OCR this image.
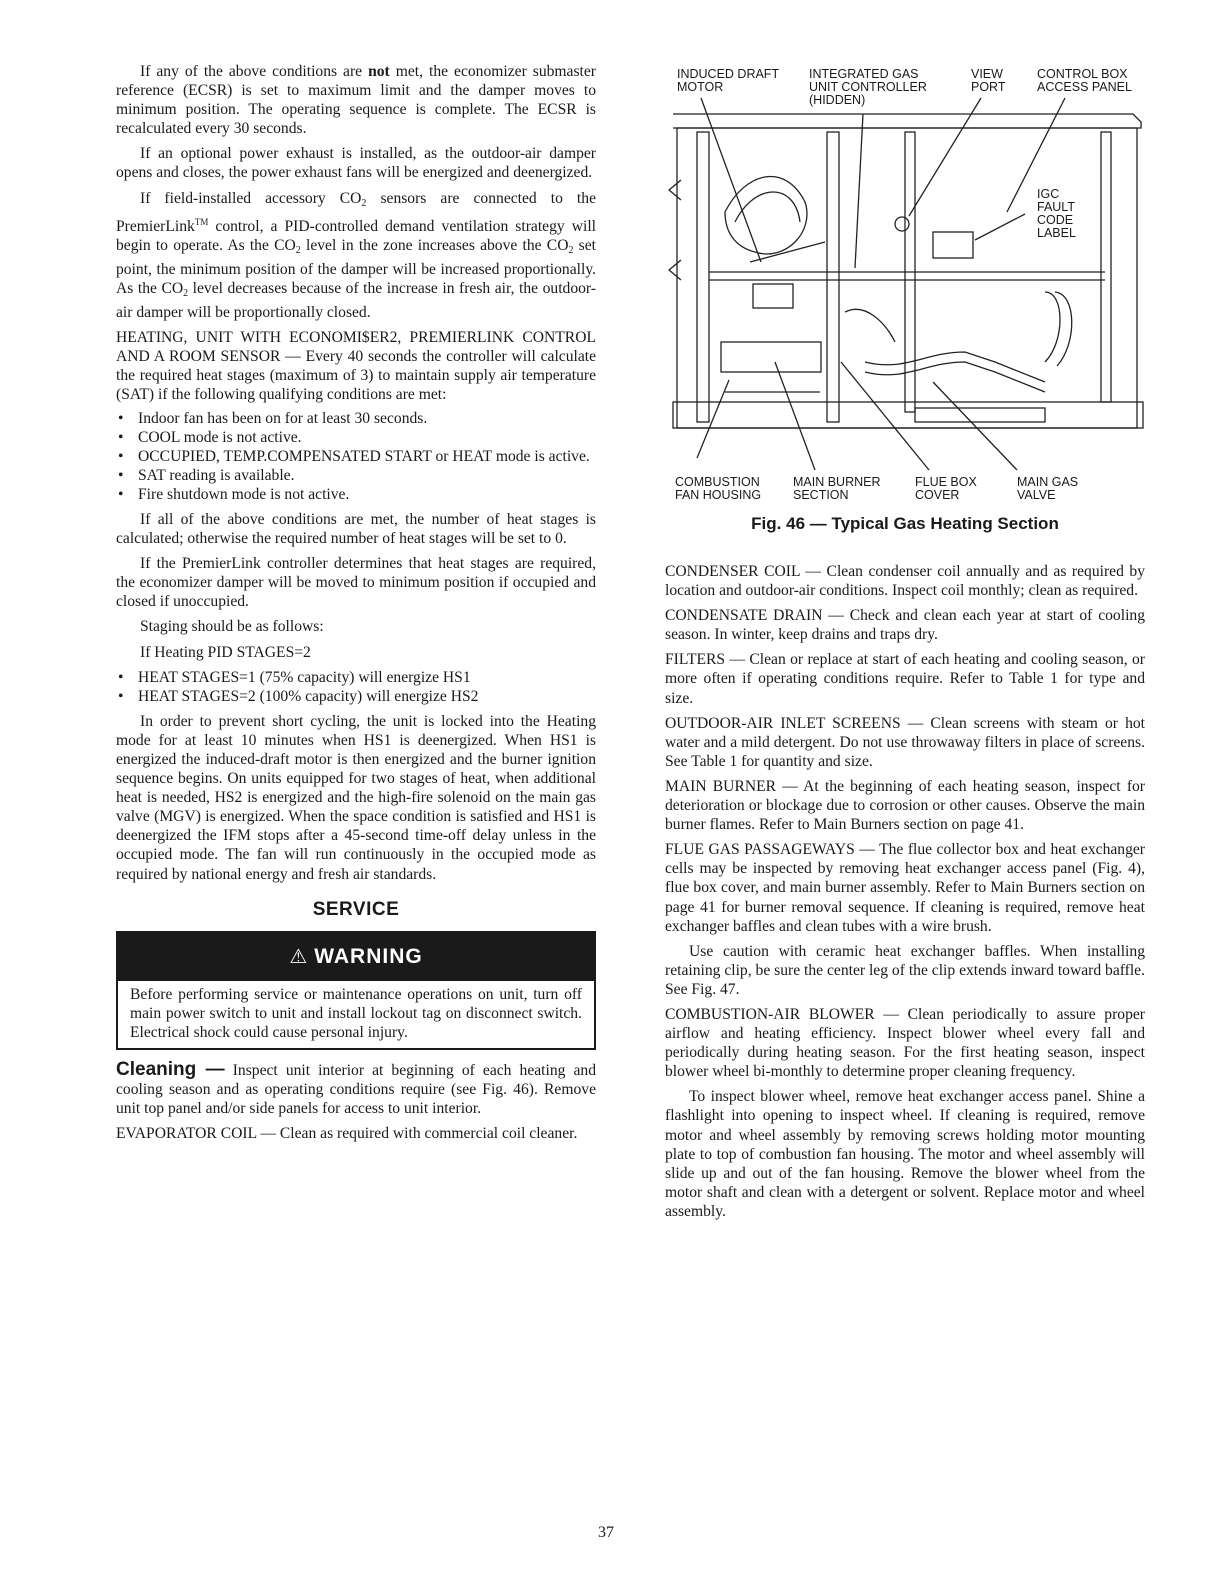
If any of the above conditions are not met, the economizer submaster reference (ECSR) is set to maximum limit and the damper moves to minimum position. The operating sequence is complete. The ECSR is recalculated every 30 seconds.

If an optional power exhaust is installed, as the outdoor-air damper opens and closes, the power exhaust fans will be energized and deenergized.

If field-installed accessory $CO_2$ sensors are connected to the PremierLink™ control, a PID-controlled demand ventilation strategy will begin to operate. As the $CO_2$ level in the zone increases above the $CO_2$ set point, the minimum position of the damper will be increased proportionally. As the $CO_2$ level decreases because of the increase in fresh air, the outdoor-air damper will be proportionally closed.

HEATING, UNIT WITH ECONOMI$ER2, PREMIERLINK CONTROL AND A ROOM SENSOR — Every 40 seconds the controller will calculate the required heat stages (maximum of 3) to maintain supply air temperature (SAT) if the following qualifying conditions are met:

• Indoor fan has been on for at least 30 seconds.
• COOL mode is not active.
• OCCUPIED, TEMP.COMPENSATED START or HEAT mode is active.
• SAT reading is available.
• Fire shutdown mode is not active.

If all of the above conditions are met, the number of heat stages is calculated; otherwise the required number of heat stages will be set to 0.

If the PremierLink controller determines that heat stages are required, the economizer damper will be moved to minimum position if occupied and closed if unoccupied.

Staging should be as follows:

If Heating PID STAGES=2

• HEAT STAGES=1 (75% capacity) will energize HS1
• HEAT STAGES=2 (100% capacity) will energize HS2

In order to prevent short cycling, the unit is locked into the Heating mode for at least 10 minutes when HS1 is deenergized. When HS1 is energized the induced-draft motor is then energized and the burner ignition sequence begins. On units equipped for two stages of heat, when additional heat is needed, HS2 is energized and the high-fire solenoid on the main gas valve (MGV) is energized. When the space condition is satisfied and HS1 is deenergized the IFM stops after a 45-second time-off delay unless in the occupied mode. The fan will run continuously in the occupied mode as required by national energy and fresh air standards.

SERVICE
⚠ WARNING
Before performing service or maintenance operations on unit, turn off main power switch to unit and install lockout tag on disconnect switch. Electrical shock could cause personal injury.

Cleaning — Inspect unit interior at beginning of each heating and cooling season and as operating conditions require (see Fig. 46). Remove unit top panel and/or side panels for access to unit interior.

EVAPORATOR COIL — Clean as required with commercial coil cleaner.

INDUCED DRAFT
MOTOR
INTEGRATED GAS
UNIT CONTROLLER
(HIDDEN)
VIEW
PORT
CONTROL BOX
ACCESS PANEL
IGC
FAULT
CODE
LABEL
COMBUSTION
FAN HOUSING
MAIN BURNER
SECTION
FLUE BOX
COVER
MAIN GAS
VALVE
Fig. 46 — Typical Gas Heating Section

CONDENSER COIL — Clean condenser coil annually and as required by location and outdoor-air conditions. Inspect coil monthly; clean as required.

CONDENSATE DRAIN — Check and clean each year at start of cooling season. In winter, keep drains and traps dry.

FILTERS — Clean or replace at start of each heating and cooling season, or more often if operating conditions require. Refer to Table 1 for type and size.

OUTDOOR-AIR INLET SCREENS — Clean screens with steam or hot water and a mild detergent. Do not use throwaway filters in place of screens. See Table 1 for quantity and size.

MAIN BURNER — At the beginning of each heating season, inspect for deterioration or blockage due to corrosion or other causes. Observe the main burner flames. Refer to Main Burners section on page 41.

FLUE GAS PASSAGEWAYS — The flue collector box and heat exchanger cells may be inspected by removing heat exchanger access panel (Fig. 4), flue box cover, and main burner assembly. Refer to Main Burners section on page 41 for burner removal sequence. If cleaning is required, remove heat exchanger baffles and clean tubes with a wire brush.

Use caution with ceramic heat exchanger baffles. When installing retaining clip, be sure the center leg of the clip extends inward toward baffle. See Fig. 47.

COMBUSTION-AIR BLOWER — Clean periodically to assure proper airflow and heating efficiency. Inspect blower wheel every fall and periodically during heating season. For the first heating season, inspect blower wheel bi-monthly to determine proper cleaning frequency.

To inspect blower wheel, remove heat exchanger access panel. Shine a flashlight into opening to inspect wheel. If cleaning is required, remove motor and wheel assembly by removing screws holding motor mounting plate to top of combustion fan housing. The motor and wheel assembly will slide up and out of the fan housing. Remove the blower wheel from the motor shaft and clean with a detergent or solvent. Replace motor and wheel assembly.

37
